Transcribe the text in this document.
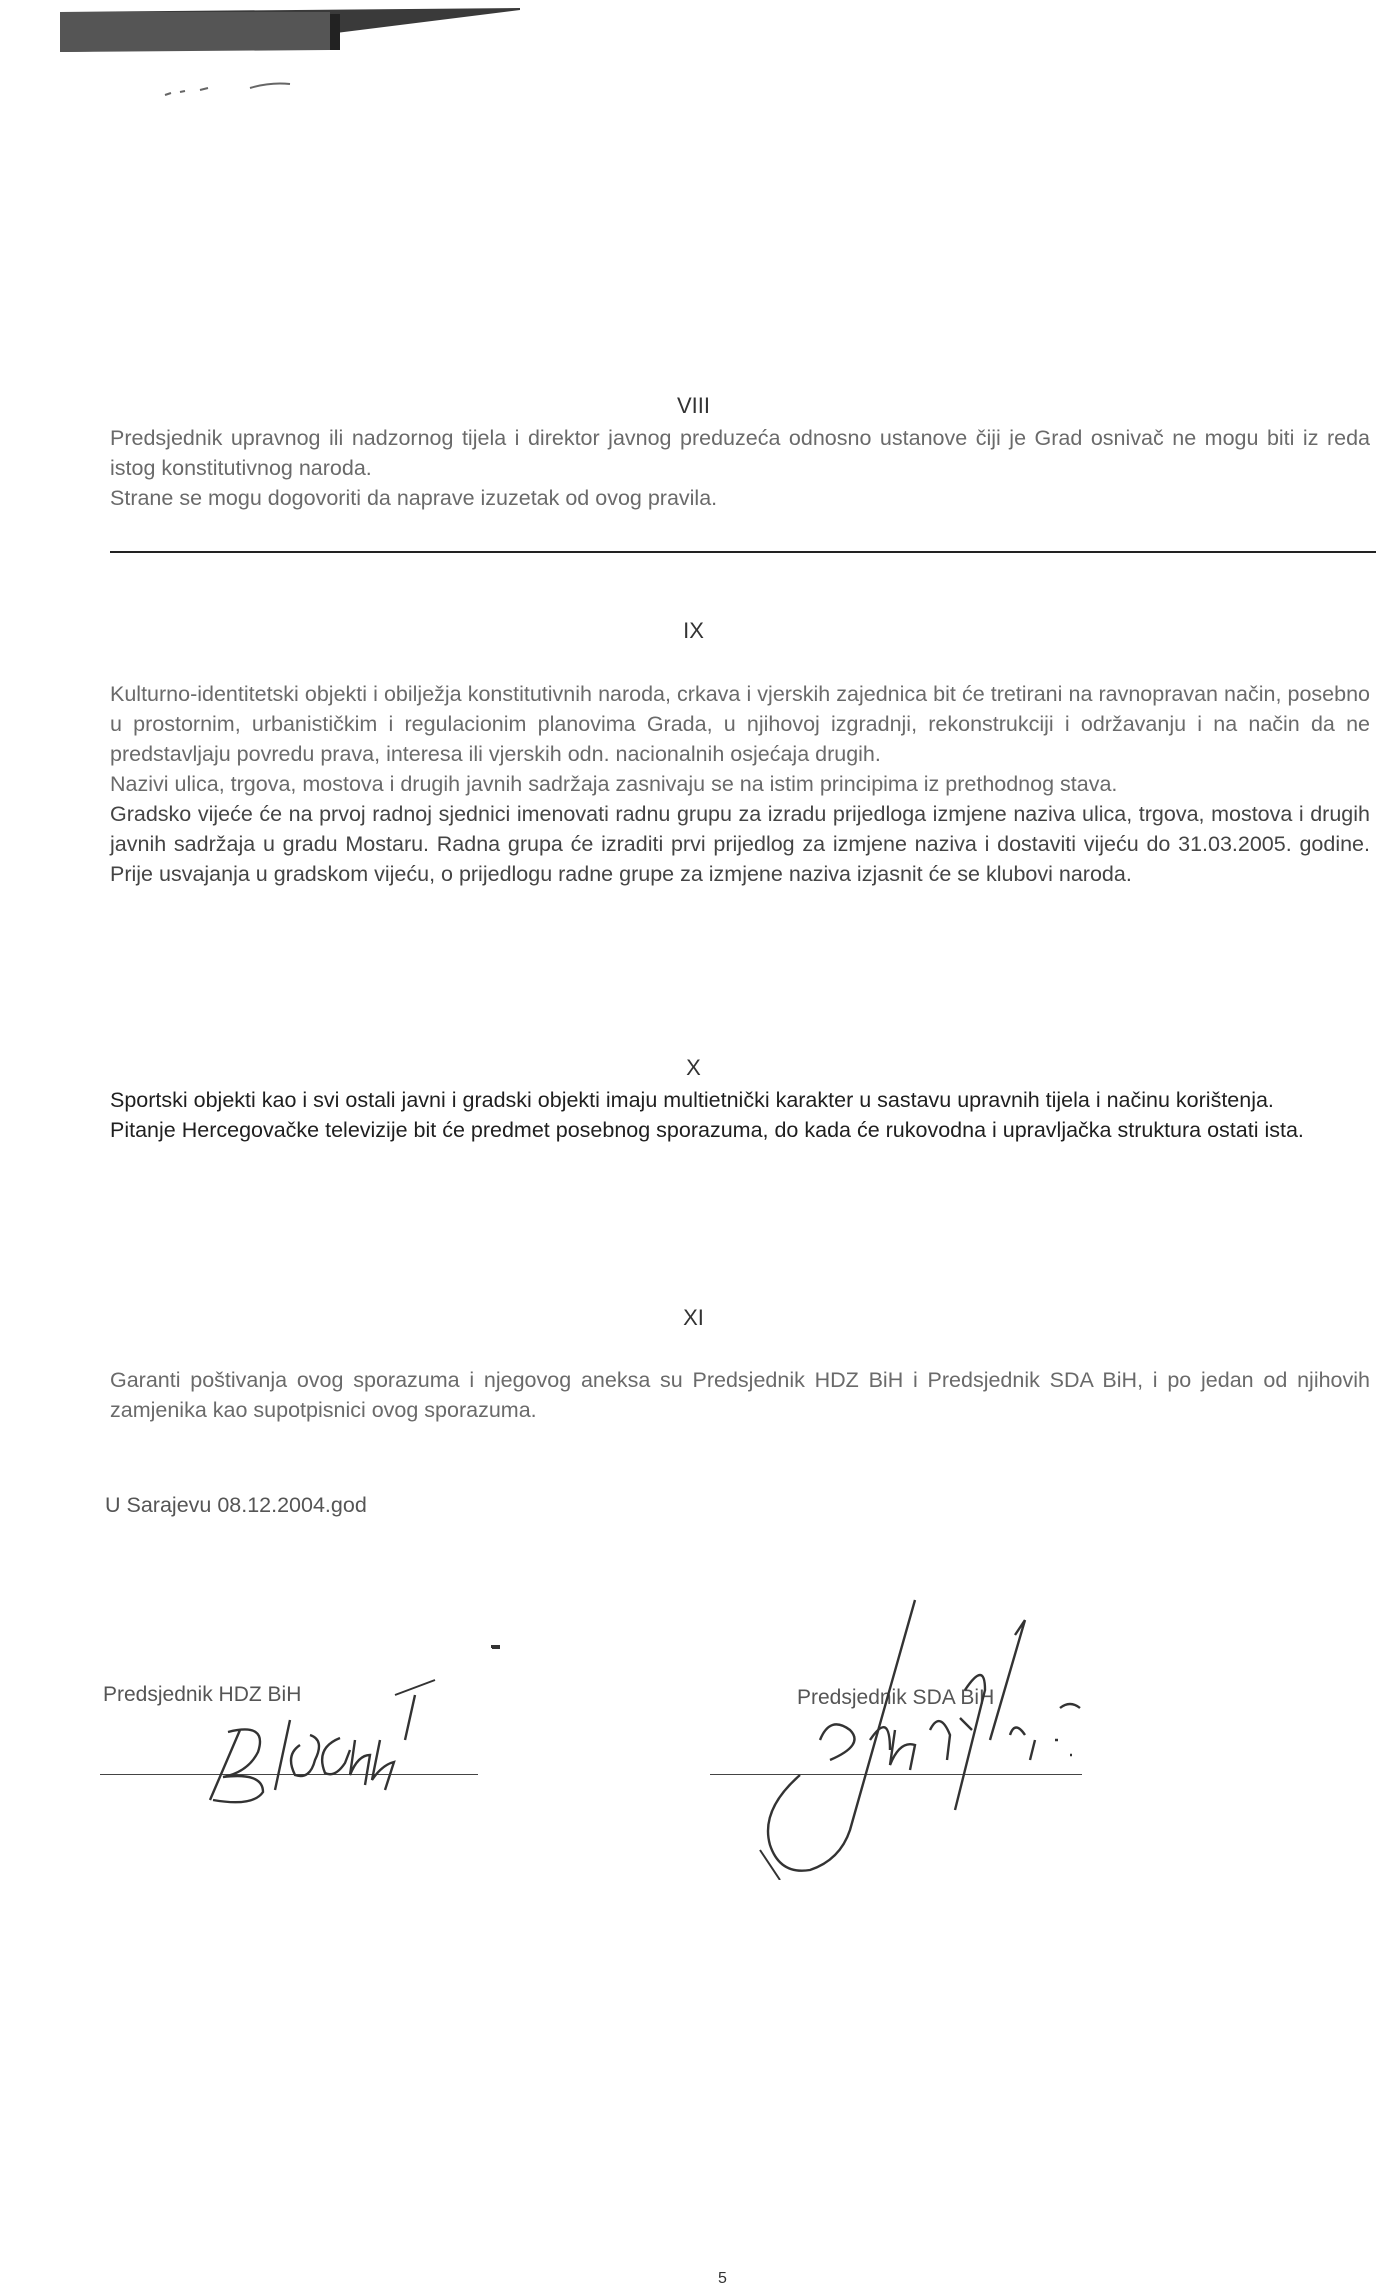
VIII

Predsjednik upravnog ili nadzornog tijela i direktor javnog preduzeća odnosno ustanove čiji je Grad osnivač ne mogu biti iz reda istog konstitutivnog naroda.

Strane se mogu dogovoriti da naprave izuzetak od ovog pravila.

IX

Kulturno-identitetski objekti i obilježja konstitutivnih naroda, crkava i vjerskih zajednica bit će tretirani na ravnopravan način, posebno u prostornim, urbanističkim i regulacionim planovima Grada, u njihovoj izgradnji, rekonstrukciji i održavanju i na način da ne predstavljaju povredu prava, interesa ili vjerskih odn. nacionalnih osjećaja drugih.

Nazivi ulica, trgova, mostova i drugih javnih sadržaja zasnivaju se na istim principima iz prethodnog stava.

Gradsko vijeće će na prvoj radnoj sjednici imenovati radnu grupu za izradu prijedloga izmjene naziva ulica, trgova, mostova i drugih javnih sadržaja u gradu Mostaru. Radna grupa će izraditi prvi prijedlog za izmjene naziva i dostaviti vijeću do 31.03.2005. godine. Prije usvajanja u gradskom vijeću, o prijedlogu radne grupe za izmjene naziva izjasnit će se klubovi naroda.

X

Sportski objekti kao i svi ostali javni i gradski objekti imaju multietnički karakter u sastavu upravnih tijela i načinu korištenja.

Pitanje Hercegovačke televizije bit će predmet posebnog sporazuma, do kada će rukovodna i upravljačka struktura ostati ista.

XI

Garanti poštivanja ovog sporazuma i njegovog aneksa su Predsjednik HDZ BiH i Predsjednik SDA BiH, i po jedan od njihovih zamjenika kao supotpisnici ovog sporazuma.

U Sarajevu 08.12.2004.god
Predsjednik HDZ BiH	Predsjednik SDA BiH
5
